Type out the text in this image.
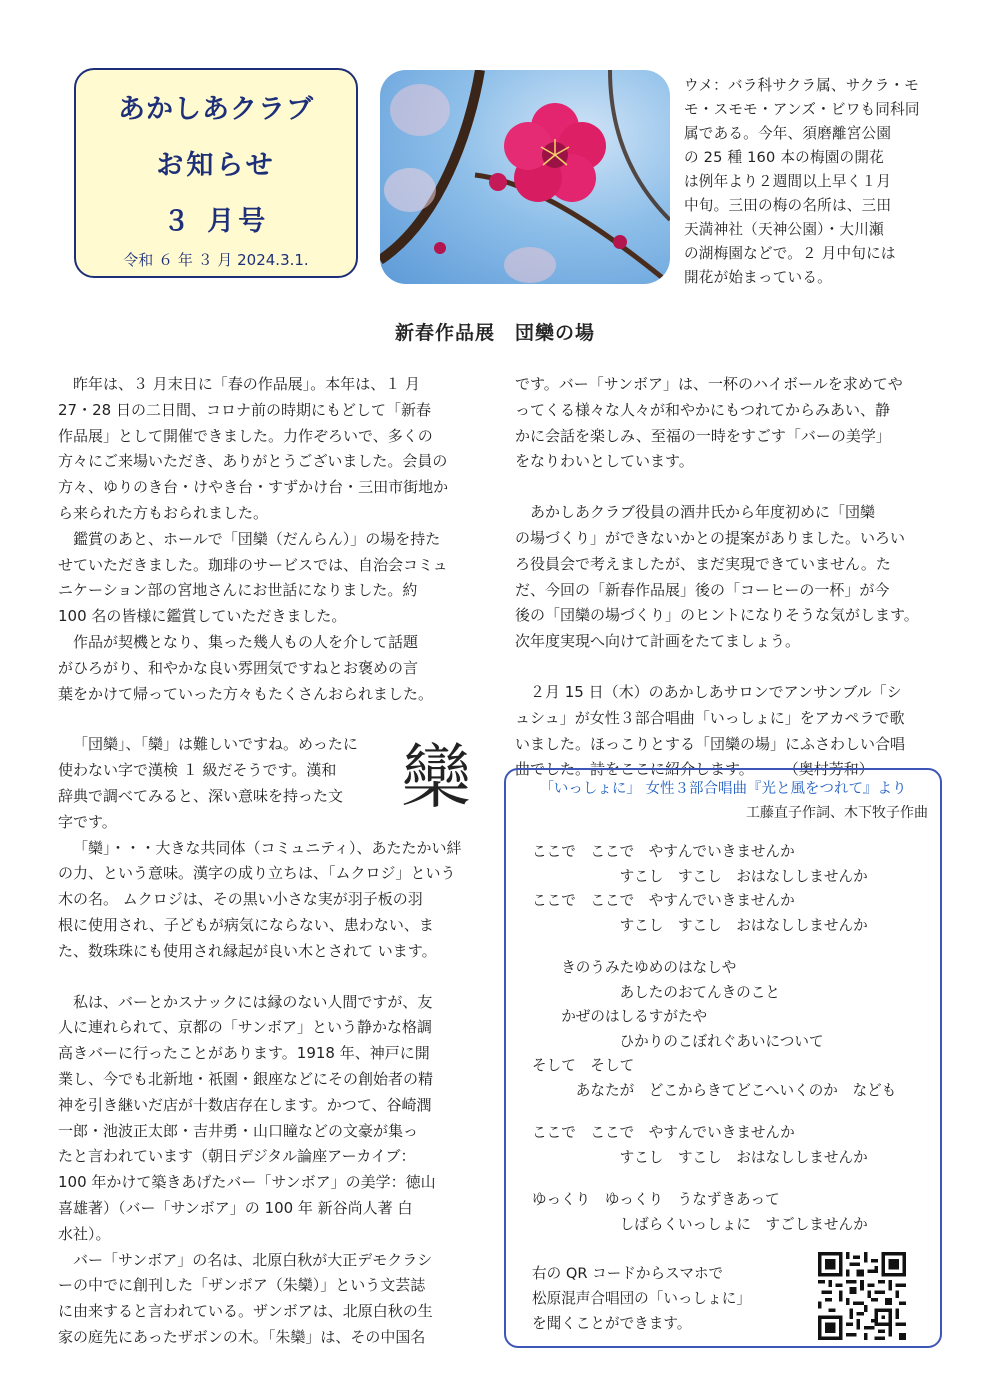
あかしあクラブ
お知らせ
３ 月号
令和 ６ 年 ３ 月 2024.3.1.

ウメ：バラ科サクラ属、サクラ・モ

モ・スモモ・アンズ・ビワも同科同

属である。今年、須磨離宮公園

の 25 種 160 本の梅園の開花

は例年より２週間以上早く１月

中旬。三田の梅の名所は、三田

天満神社（天神公園）・大川瀬

の湖梅園などで。２ 月中旬には

開花が始まっている。

新春作品展　団欒の場

昨年は、３ 月末日に「春の作品展」。本年は、１ 月

27・28 日の二日間、コロナ前の時期にもどして「新春

作品展」として開催できました。力作ぞろいで、多くの

方々にご来場いただき、ありがとうございました。会員の

方々、ゆりのき台・けやき台・すずかけ台・三田市街地か

ら来られた方もおられました。

鑑賞のあと、ホールで「団欒（だんらん）」の場を持た

せていただきました。珈琲のサービスでは、自治会コミュ

ニケーション部の宮地さんにお世話になりました。約

100 名の皆様に鑑賞していただきました。

作品が契機となり、集った幾人もの人を介して話題

がひろがり、和やかな良い雰囲気ですねとお褒めの言

葉をかけて帰っていった方々もたくさんおられました。

欒

「団欒」、「欒」は難しいですね。めったに

使わない字で漢検 １ 級だそうです。漢和

辞典で調べてみると、深い意味を持った文

字です。

「欒」・・・大きな共同体（コミュニティ）、あたたかい絆

の力、という意味。漢字の成り立ちは、「ムクロジ」という

木の名。 ムクロジは、その黒い小さな実が羽子板の羽

根に使用され、子どもが病気にならない、患わない、ま

た、数珠珠にも使用され縁起が良い木とされて います。

私は、バーとかスナックには縁のない人間ですが、友

人に連れられて、京都の「サンボア」という静かな格調

高きバーに行ったことがあります。1918 年、神戸に開

業し、今でも北新地・祇園・銀座などにその創始者の精

神を引き継いだ店が十数店存在します。かつて、谷崎潤

一郎・池波正太郎・吉井勇・山口瞳などの文豪が集っ

たと言われています（朝日デジタル論座アーカイブ：

100 年かけて築きあげたバー「サンボア」の美学：徳山

喜雄著）（バー「サンボア」の 100 年 新谷尚人著 白

水社）。

バー「サンボア」の名は、北原白秋が大正デモクラシ

ーの中でに創刊した「ザンボア（朱欒）」という文芸誌

に由来すると言われている。ザンボアは、北原白秋の生

家の庭先にあったザボンの木。「朱欒」は、その中国名

です。バー「サンボア」は、一杯のハイボールを求めてや

ってくる様々な人々が和やかにもつれてからみあい、静

かに会話を楽しみ、至福の一時をすごす「バーの美学」

をなりわいとしています。

あかしあクラブ役員の酒井氏から年度初めに「団欒

の場づくり」ができないかとの提案がありました。いろい

ろ役員会で考えましたが、まだ実現できていません。た

だ、今回の「新春作品展」後の「コーヒーの一杯」が今

後の「団欒の場づくり」のヒントになりそうな気がします。

次年度実現へ向けて計画をたてましょう。

２月 15 日（木）のあかしあサロンでアンサンブル「シ

ュシュ」が女性３部合唱曲「いっしょに」をアカペラで歌

いました。ほっこりとする「団欒の場」にふさわしい合唱

曲でした。詩をここに紹介します。　　　（奥村芳和）

「いっしょに」 女性３部合唱曲『光と風をつれて』より
工藤直子作詞、木下牧子作曲
ここで　ここで　やすんでいきませんか
　　　　　　すこし　すこし　おはなししませんか
ここで　ここで　やすんでいきませんか
　　　　　　すこし　すこし　おはなししませんか
　　きのうみたゆめのはなしや
　　　　　　あしたのおてんきのこと
　　かぜのはしるすがたや
　　　　　　ひかりのこぼれぐあいについて
そして　そして
　　　あなたが　どこからきてどこへいくのか　なども
ここで　ここで　やすんでいきませんか
　　　　　　すこし　すこし　おはなししませんか
ゆっくり　ゆっくり　うなずきあって
　　　　　　しばらくいっしょに　すごしませんか
右の QR コードからスマホで
松原混声合唱団の「いっしょに」
を聞くことができます。
